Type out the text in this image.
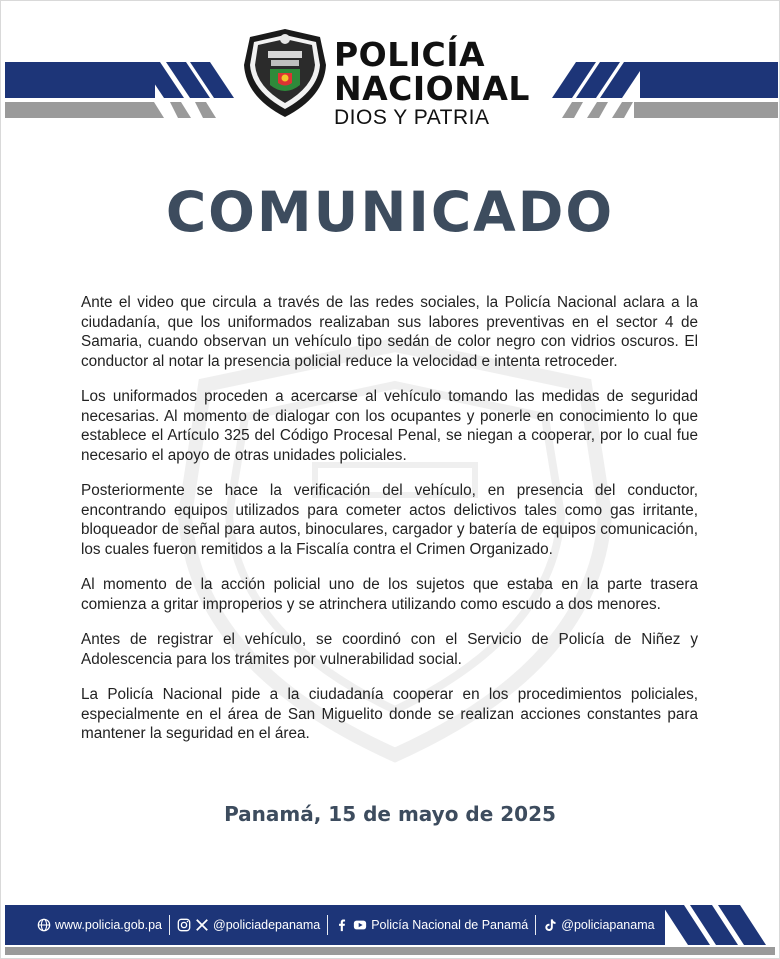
POLICÍA
NACIONAL
DIOS Y PATRIA
COMUNICADO

Ante el video que circula a través de las redes sociales, la Policía Nacional aclara a la ciudadanía, que los uniformados realizaban sus labores preventivas en el sector 4 de Samaria, cuando observan un vehículo tipo sedán de color negro con vidrios oscuros. El conductor al notar la presencia policial reduce la velocidad e intenta retroceder.

Los uniformados proceden a acercarse al vehículo tomando las medidas de seguridad necesarias. Al momento de dialogar con los ocupantes y ponerle en conocimiento lo que establece el Artículo 325 del Código Procesal Penal, se niegan a cooperar, por lo cual fue necesario el apoyo de otras unidades policiales.

Posteriormente se hace la verificación del vehículo, en presencia del conductor, encontrando equipos utilizados para cometer actos delictivos tales como gas irritante, bloqueador de señal para autos, binoculares, cargador y batería de equipos comunicación, los cuales fueron remitidos a la Fiscalía contra el Crimen Organizado.

Al momento de la acción policial uno de los sujetos que estaba en la parte trasera comienza a gritar improperios y se atrinchera utilizando como escudo a dos menores.

Antes de registrar el vehículo, se coordinó con el Servicio de Policía de Niñez y Adolescencia para los trámites por vulnerabilidad social.

La Policía Nacional pide a la ciudadanía cooperar en los procedimientos policiales, especialmente en el área de San Miguelito donde se realizan acciones constantes para mantener la seguridad en el área.

Panamá, 15 de mayo de 2025
www.policia.gob.pa	@policiadepanama	Policía Nacional de Panamá	@policiapanama
